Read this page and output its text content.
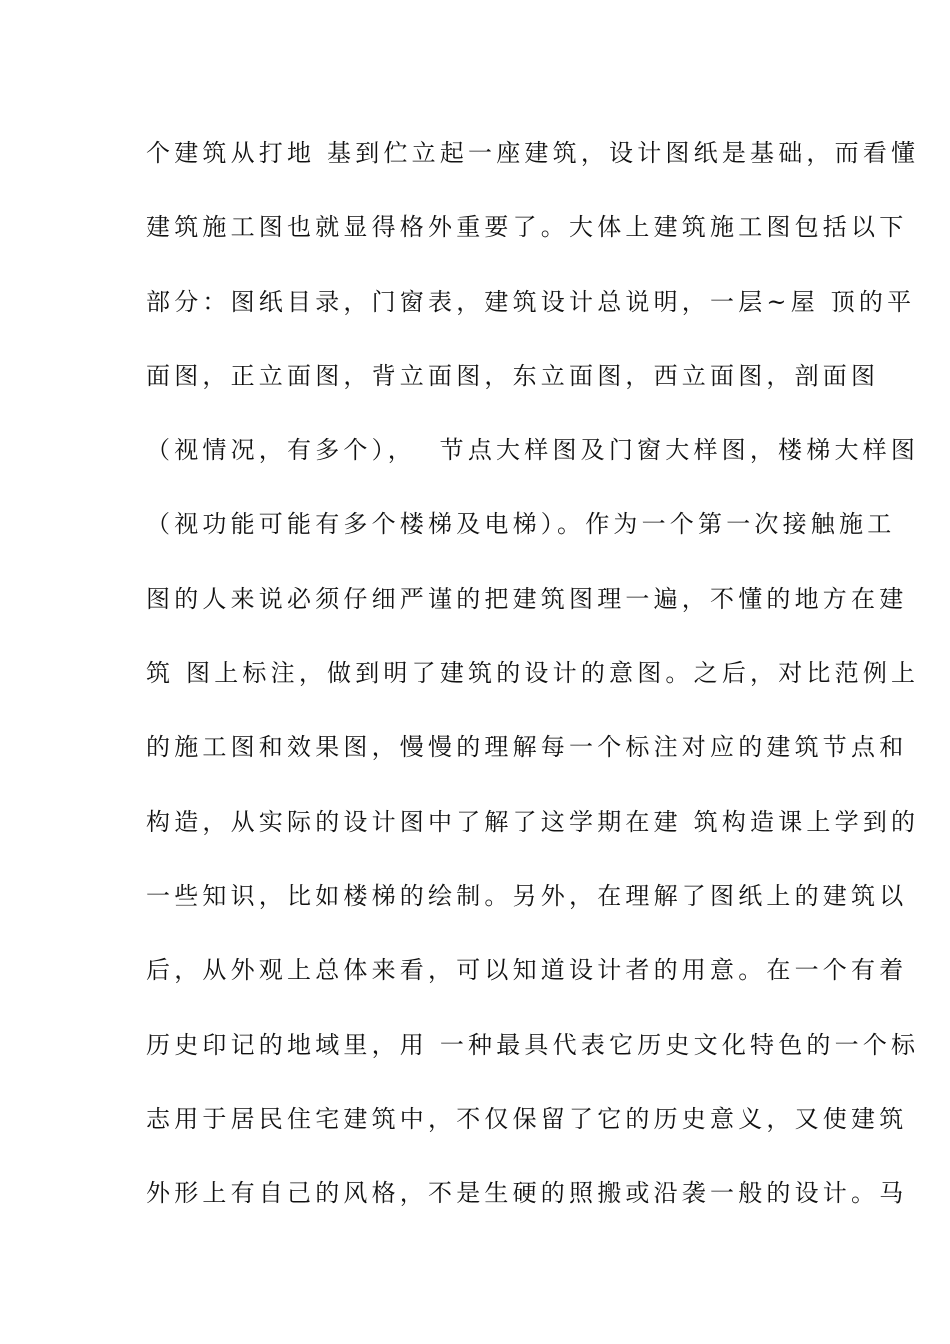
个建筑从打地 基到伫立起一座建筑，设计图纸是基础，而看懂
建筑施工图也就显得格外重要了。大体上建筑施工图包括以下
部分：图纸目录，门窗表，建筑设计总说明，一层~屋 顶的平
面图，正立面图，背立面图，东立面图，西立面图，剖面图
（视情况，有多个），  节点大样图及门窗大样图，楼梯大样图
（视功能可能有多个楼梯及电梯）。作为一个第一次接触施工
图的人来说必须仔细严谨的把建筑图理一遍，不懂的地方在建
筑 图上标注，做到明了建筑的设计的意图。之后，对比范例上
的施工图和效果图，慢慢的理解每一个标注对应的建筑节点和
构造，从实际的设计图中了解了这学期在建 筑构造课上学到的
一些知识，比如楼梯的绘制。另外，在理解了图纸上的建筑以
后，从外观上总体来看，可以知道设计者的用意。在一个有着
历史印记的地域里，用 一种最具代表它历史文化特色的一个标
志用于居民住宅建筑中，不仅保留了它的历史意义，又使建筑
外形上有自己的风格，不是生硬的照搬或沿袭一般的设计。马
